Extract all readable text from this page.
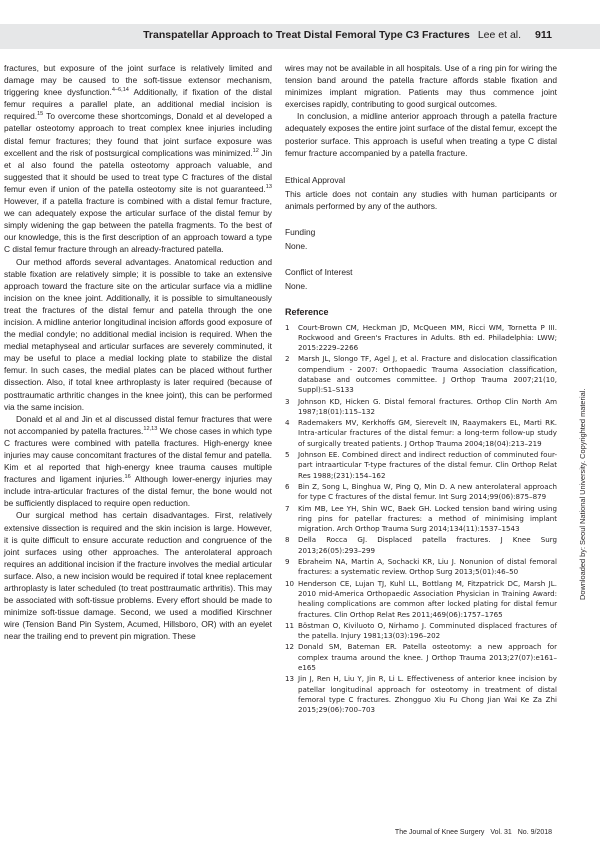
Transpatellar Approach to Treat Distal Femoral Type C3 Fractures Lee et al. 911

fractures, but exposure of the joint surface is relatively limited and damage may be caused to the soft-tissue extensor mechanism, triggering knee dysfunction.$^{4-6,14}$ Additionally, if fixation of the distal femur requires a parallel plate, an additional medial incision is required.$^{15}$ To overcome these shortcomings, Donald et al developed a patellar osteotomy approach to treat complex knee injuries including distal femur fractures; they found that joint surface exposure was excellent and the risk of postsurgical complications was minimized.$^{12}$ Jin et al also found the patella osteotomy approach valuable, and suggested that it should be used to treat type C fractures of the distal femur even if union of the patella osteotomy site is not guaranteed.$^{13}$ However, if a patella fracture is combined with a distal femur fracture, we can adequately expose the articular surface of the distal femur by simply widening the gap between the patella fragments. To the best of our knowledge, this is the first description of an approach toward a type C distal femur fracture through an already-fractured patella.

Our method affords several advantages. Anatomical reduction and stable fixation are relatively simple; it is possible to take an extensive approach toward the fracture site on the articular surface via a midline incision on the knee joint. Additionally, it is possible to simultaneously treat the fractures of the distal femur and patella through the one incision. A midline anterior longitudinal incision affords good exposure of the medial condyle; no additional medial incision is required. When the medial metaphyseal and articular surfaces are severely comminuted, it may be useful to place a medial locking plate to stabilize the distal femur. In such cases, the medial plates can be placed without further dissection. Also, if total knee arthroplasty is later required (because of posttraumatic arthritic changes in the knee joint), this can be performed via the same incision.

Donald et al and Jin et al discussed distal femur fractures that were not accompanied by patella fractures.$^{12,13}$ We chose cases in which type C fractures were combined with patella fractures. High-energy knee injuries may cause concomitant fractures of the distal femur and patella. Kim et al reported that high-energy knee trauma causes multiple fractures and ligament injuries.$^{16}$ Although lower-energy injuries may include intra-articular fractures of the distal femur, the bone would not be sufficiently displaced to require open reduction.

Our surgical method has certain disadvantages. First, relatively extensive dissection is required and the skin incision is large. However, it is quite difficult to ensure accurate reduction and congruence of the joint surfaces using other approaches. The anterolateral approach requires an additional incision if the fracture involves the medial articular surface. Also, a new incision would be required if total knee replacement arthroplasty is later scheduled (to treat posttraumatic arthritis). This may be associated with soft-tissue problems. Every effort should be made to minimize soft-tissue damage. Second, we used a modified Kirschner wire (Tension Band Pin System, Acumed, Hillsboro, OR) with an eyelet near the trailing end to prevent pin migration. These

wires may not be available in all hospitals. Use of a ring pin for wiring the tension band around the patella fracture affords stable fixation and minimizes implant migration. Patients may thus commence joint exercises rapidly, contributing to good surgical outcomes.

In conclusion, a midline anterior approach through a patella fracture adequately exposes the entire joint surface of the distal femur, except the posterior surface. This approach is useful when treating a type C distal femur fracture accompanied by a patella fracture.

Ethical Approval
This article does not contain any studies with human participants or animals performed by any of the authors.
Funding
None.
Conflict of Interest
None.
Reference
1	Court-Brown CM, Heckman JD, McQueen MM, Ricci WM, Tornetta P III. Rockwood and Green's Fractures in Adults. 8th ed. Philadelphia: LWW; 2015:2229–2266
2	Marsh JL, Slongo TF, Agel J, et al. Fracture and dislocation classification compendium - 2007: Orthopaedic Trauma Association classification, database and outcomes committee. J Orthop Trauma 2007;21(10, Suppl):S1–S133
3	Johnson KD, Hicken G. Distal femoral fractures. Orthop Clin North Am 1987;18(01):115–132
4	Rademakers MV, Kerkhoffs GM, Sierevelt IN, Raaymakers EL, Marti RK. Intra-articular fractures of the distal femur: a long-term follow-up study of surgically treated patients. J Orthop Trauma 2004;18(04):213–219
5	Johnson EE. Combined direct and indirect reduction of comminuted four-part intraarticular T-type fractures of the distal femur. Clin Orthop Relat Res 1988;(231):154–162
6	Bin Z, Song L, Binghua W, Ping Q, Min D. A new anterolateral approach for type C fractures of the distal femur. Int Surg 2014;99(06):875–879
7	Kim MB, Lee YH, Shin WC, Baek GH. Locked tension band wiring using ring pins for patellar fractures: a method of minimising implant migration. Arch Orthop Trauma Surg 2014;134(11):1537–1543
8	Della Rocca GJ. Displaced patella fractures. J Knee Surg 2013;26(05):293–299
9	Ebraheim NA, Martin A, Sochacki KR, Liu J. Nonunion of distal femoral fractures: a systematic review. Orthop Surg 2013;5(01):46–50
10 Henderson CE, Lujan TJ, Kuhl LL, Bottlang M, Fitzpatrick DC, Marsh JL. 2010 mid-America Orthopaedic Association Physician in Training Award: healing complications are common after locked plating for distal femur fractures. Clin Orthop Relat Res 2011;469(06):1757–1765
11 Böstman O, Kiviluoto O, Nirhamo J. Comminuted displaced fractures of the patella. Injury 1981;13(03):196–202
12 Donald SM, Bateman ER. Patella osteotomy: a new approach for complex trauma around the knee. J Orthop Trauma 2013;27(07):e161–e165
13 Jin J, Ren H, Liu Y, Jin R, Li L. Effectiveness of anterior knee incision by patellar longitudinal approach for osteotomy in treatment of distal femoral type C fractures. Zhongguo Xiu Fu Chong Jian Wai Ke Za Zhi 2015;29(06):700–703
Downloaded by: Seoul National University. Copyrighted material.
The Journal of Knee Surgery Vol. 31 No. 9/2018
